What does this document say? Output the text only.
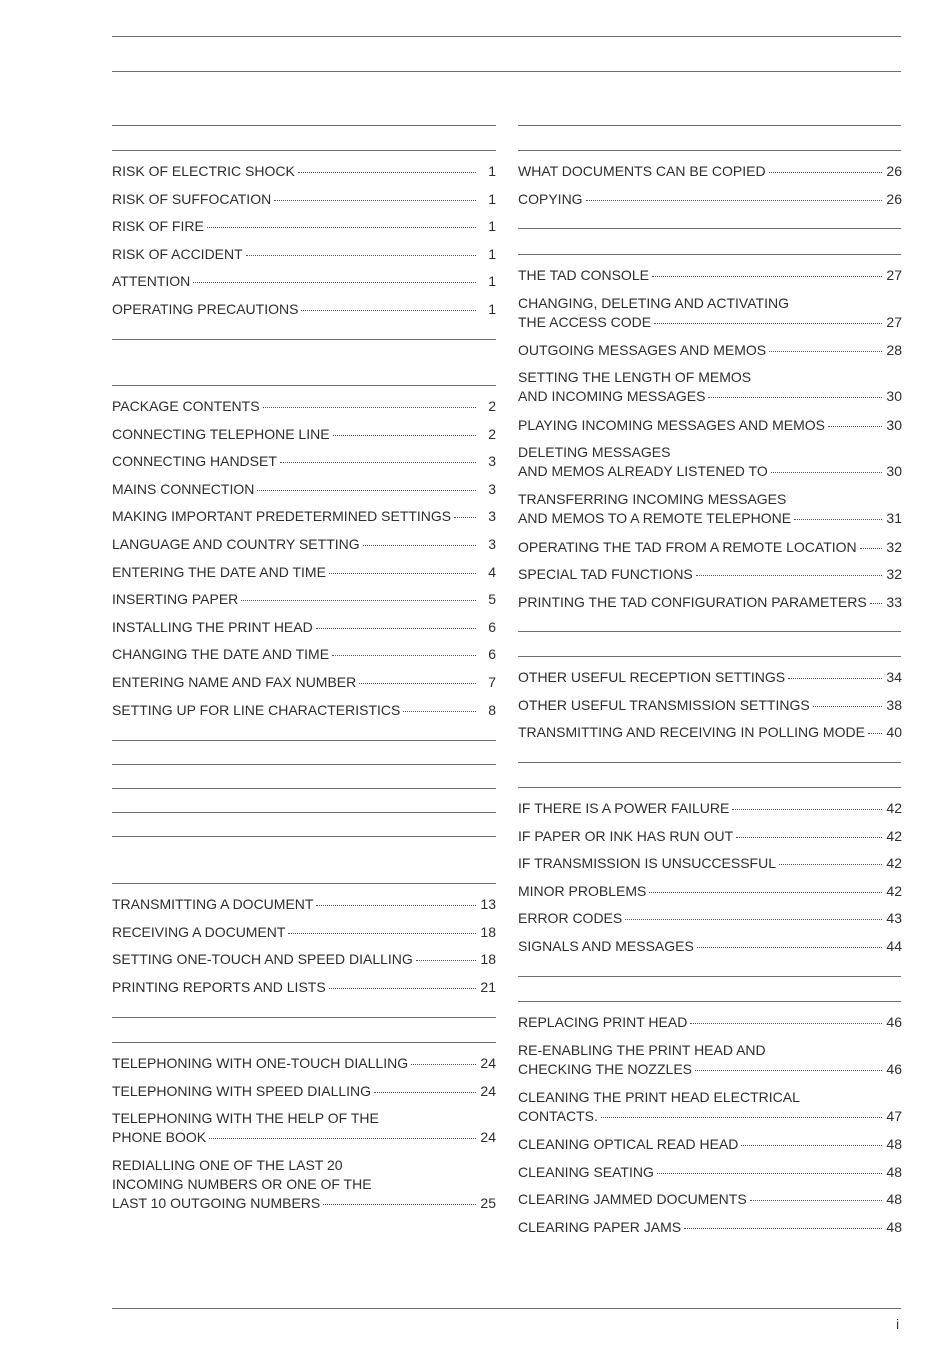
RISK OF ELECTRIC SHOCK	1
RISK OF SUFFOCATION	1
RISK OF FIRE	1
RISK OF ACCIDENT	1
ATTENTION	1
OPERATING PRECAUTIONS	1
PACKAGE CONTENTS	2
CONNECTING TELEPHONE LINE	2
CONNECTING HANDSET	3
MAINS CONNECTION	3
MAKING IMPORTANT PREDETERMINED SETTINGS	3
LANGUAGE AND COUNTRY SETTING	3
ENTERING THE DATE AND TIME	4
INSERTING PAPER	5
INSTALLING THE PRINT HEAD	6
CHANGING THE DATE AND TIME	6
ENTERING NAME AND FAX NUMBER	7
SETTING UP FOR LINE CHARACTERISTICS	8
TRANSMITTING A DOCUMENT	13
RECEIVING A DOCUMENT	18
SETTING ONE-TOUCH AND SPEED DIALLING	18
PRINTING REPORTS AND LISTS	21
TELEPHONING WITH ONE-TOUCH DIALLING	24
TELEPHONING WITH SPEED DIALLING	24
TELEPHONING WITH THE HELP OF THE
PHONE BOOK	24
REDIALLING ONE OF THE LAST 20
INCOMING NUMBERS OR ONE OF THE
LAST 10 OUTGOING NUMBERS	25
WHAT DOCUMENTS CAN BE COPIED	26
COPYING	26
THE TAD CONSOLE	27
CHANGING, DELETING AND ACTIVATING
THE ACCESS CODE	27
OUTGOING MESSAGES AND MEMOS	28
SETTING THE LENGTH OF MEMOS
AND INCOMING MESSAGES	30
PLAYING INCOMING MESSAGES AND MEMOS	30
DELETING MESSAGES
AND MEMOS ALREADY LISTENED TO	30
TRANSFERRING INCOMING MESSAGES
AND MEMOS TO A REMOTE TELEPHONE	31
OPERATING THE TAD FROM A REMOTE LOCATION 32
SPECIAL TAD FUNCTIONS	32
PRINTING THE TAD CONFIGURATION PARAMETERS 33
OTHER USEFUL RECEPTION SETTINGS	34
OTHER USEFUL TRANSMISSION SETTINGS	38
TRANSMITTING AND RECEIVING IN POLLING MODE 40
IF THERE IS A POWER FAILURE	42
IF PAPER OR INK HAS RUN OUT	42
IF TRANSMISSION IS UNSUCCESSFUL	42
MINOR PROBLEMS	42
ERROR CODES	43
SIGNALS AND MESSAGES	44
REPLACING PRINT HEAD	46
RE-ENABLING THE PRINT HEAD AND
CHECKING THE NOZZLES	46
CLEANING THE PRINT HEAD ELECTRICAL
CONTACTS.	47
CLEANING OPTICAL READ HEAD	48
CLEANING SEATING	48
CLEARING JAMMED DOCUMENTS	48
CLEARING PAPER JAMS	48
i
